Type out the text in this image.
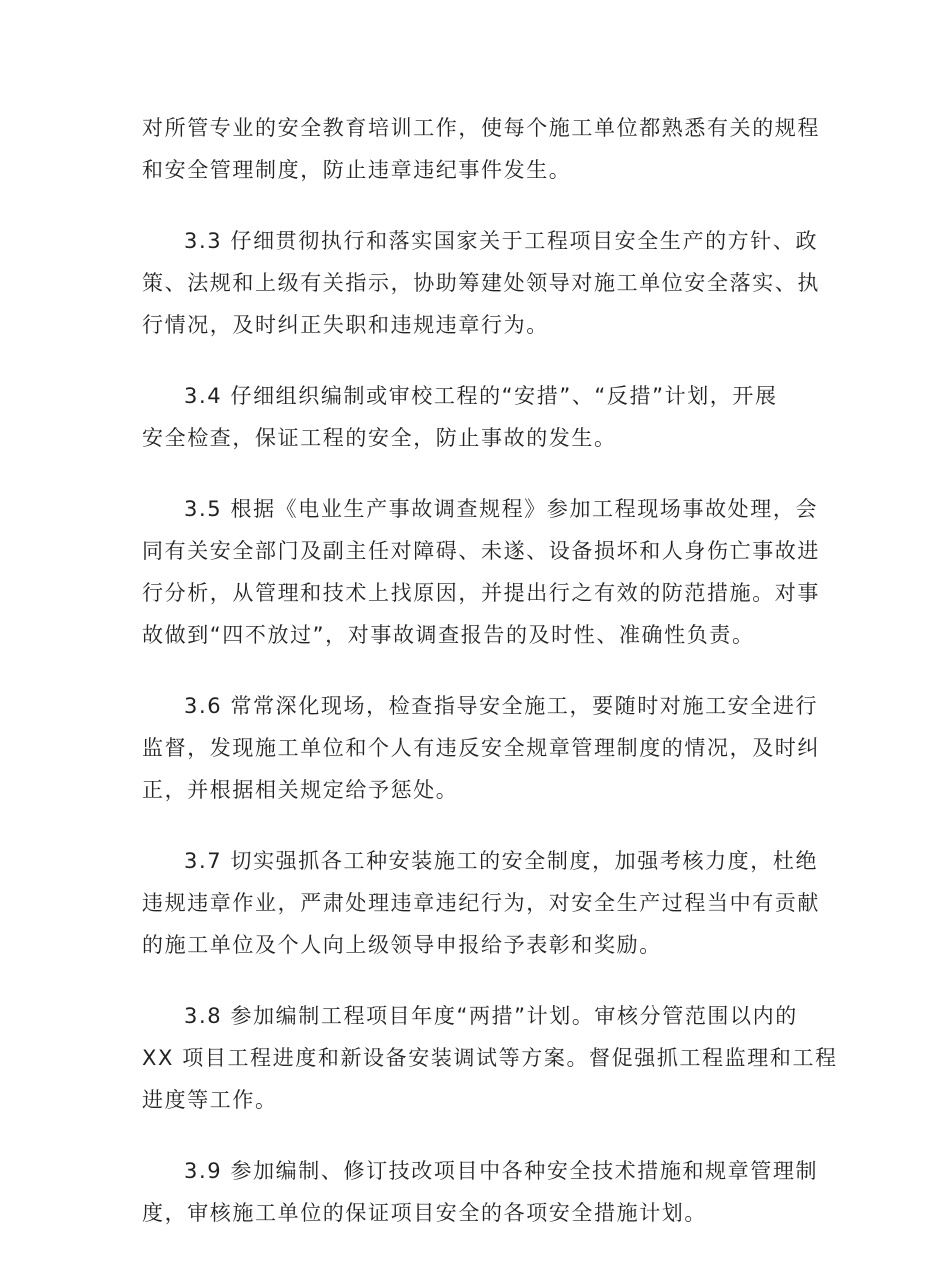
对所管专业的安全教育培训工作，使每个施工单位都熟悉有关的规程
和安全管理制度，防止违章违纪事件发生。
3.3 仔细贯彻执行和落实国家关于工程项目安全生产的方针、政
策、法规和上级有关指示，协助筹建处领导对施工单位安全落实、执
行情况，及时纠正失职和违规违章行为。
3.4 仔细组织编制或审校工程的“安措”、“反措”计划，开展
安全检查，保证工程的安全，防止事故的发生。
3.5 根据《电业生产事故调查规程》参加工程现场事故处理，会
同有关安全部门及副主任对障碍、未遂、设备损坏和人身伤亡事故进
行分析，从管理和技术上找原因，并提出行之有效的防范措施。对事
故做到“四不放过”，对事故调查报告的及时性、准确性负责。
3.6 常常深化现场，检查指导安全施工，要随时对施工安全进行
监督，发现施工单位和个人有违反安全规章管理制度的情况，及时纠
正，并根据相关规定给予惩处。
3.7 切实强抓各工种安装施工的安全制度，加强考核力度，杜绝
违规违章作业，严肃处理违章违纪行为，对安全生产过程当中有贡献
的施工单位及个人向上级领导申报给予表彰和奖励。
3.8 参加编制工程项目年度“两措”计划。审核分管范围以内的
XX 项目工程进度和新设备安装调试等方案。督促强抓工程监理和工程
进度等工作。
3.9 参加编制、修订技改项目中各种安全技术措施和规章管理制
度，审核施工单位的保证项目安全的各项安全措施计划。
